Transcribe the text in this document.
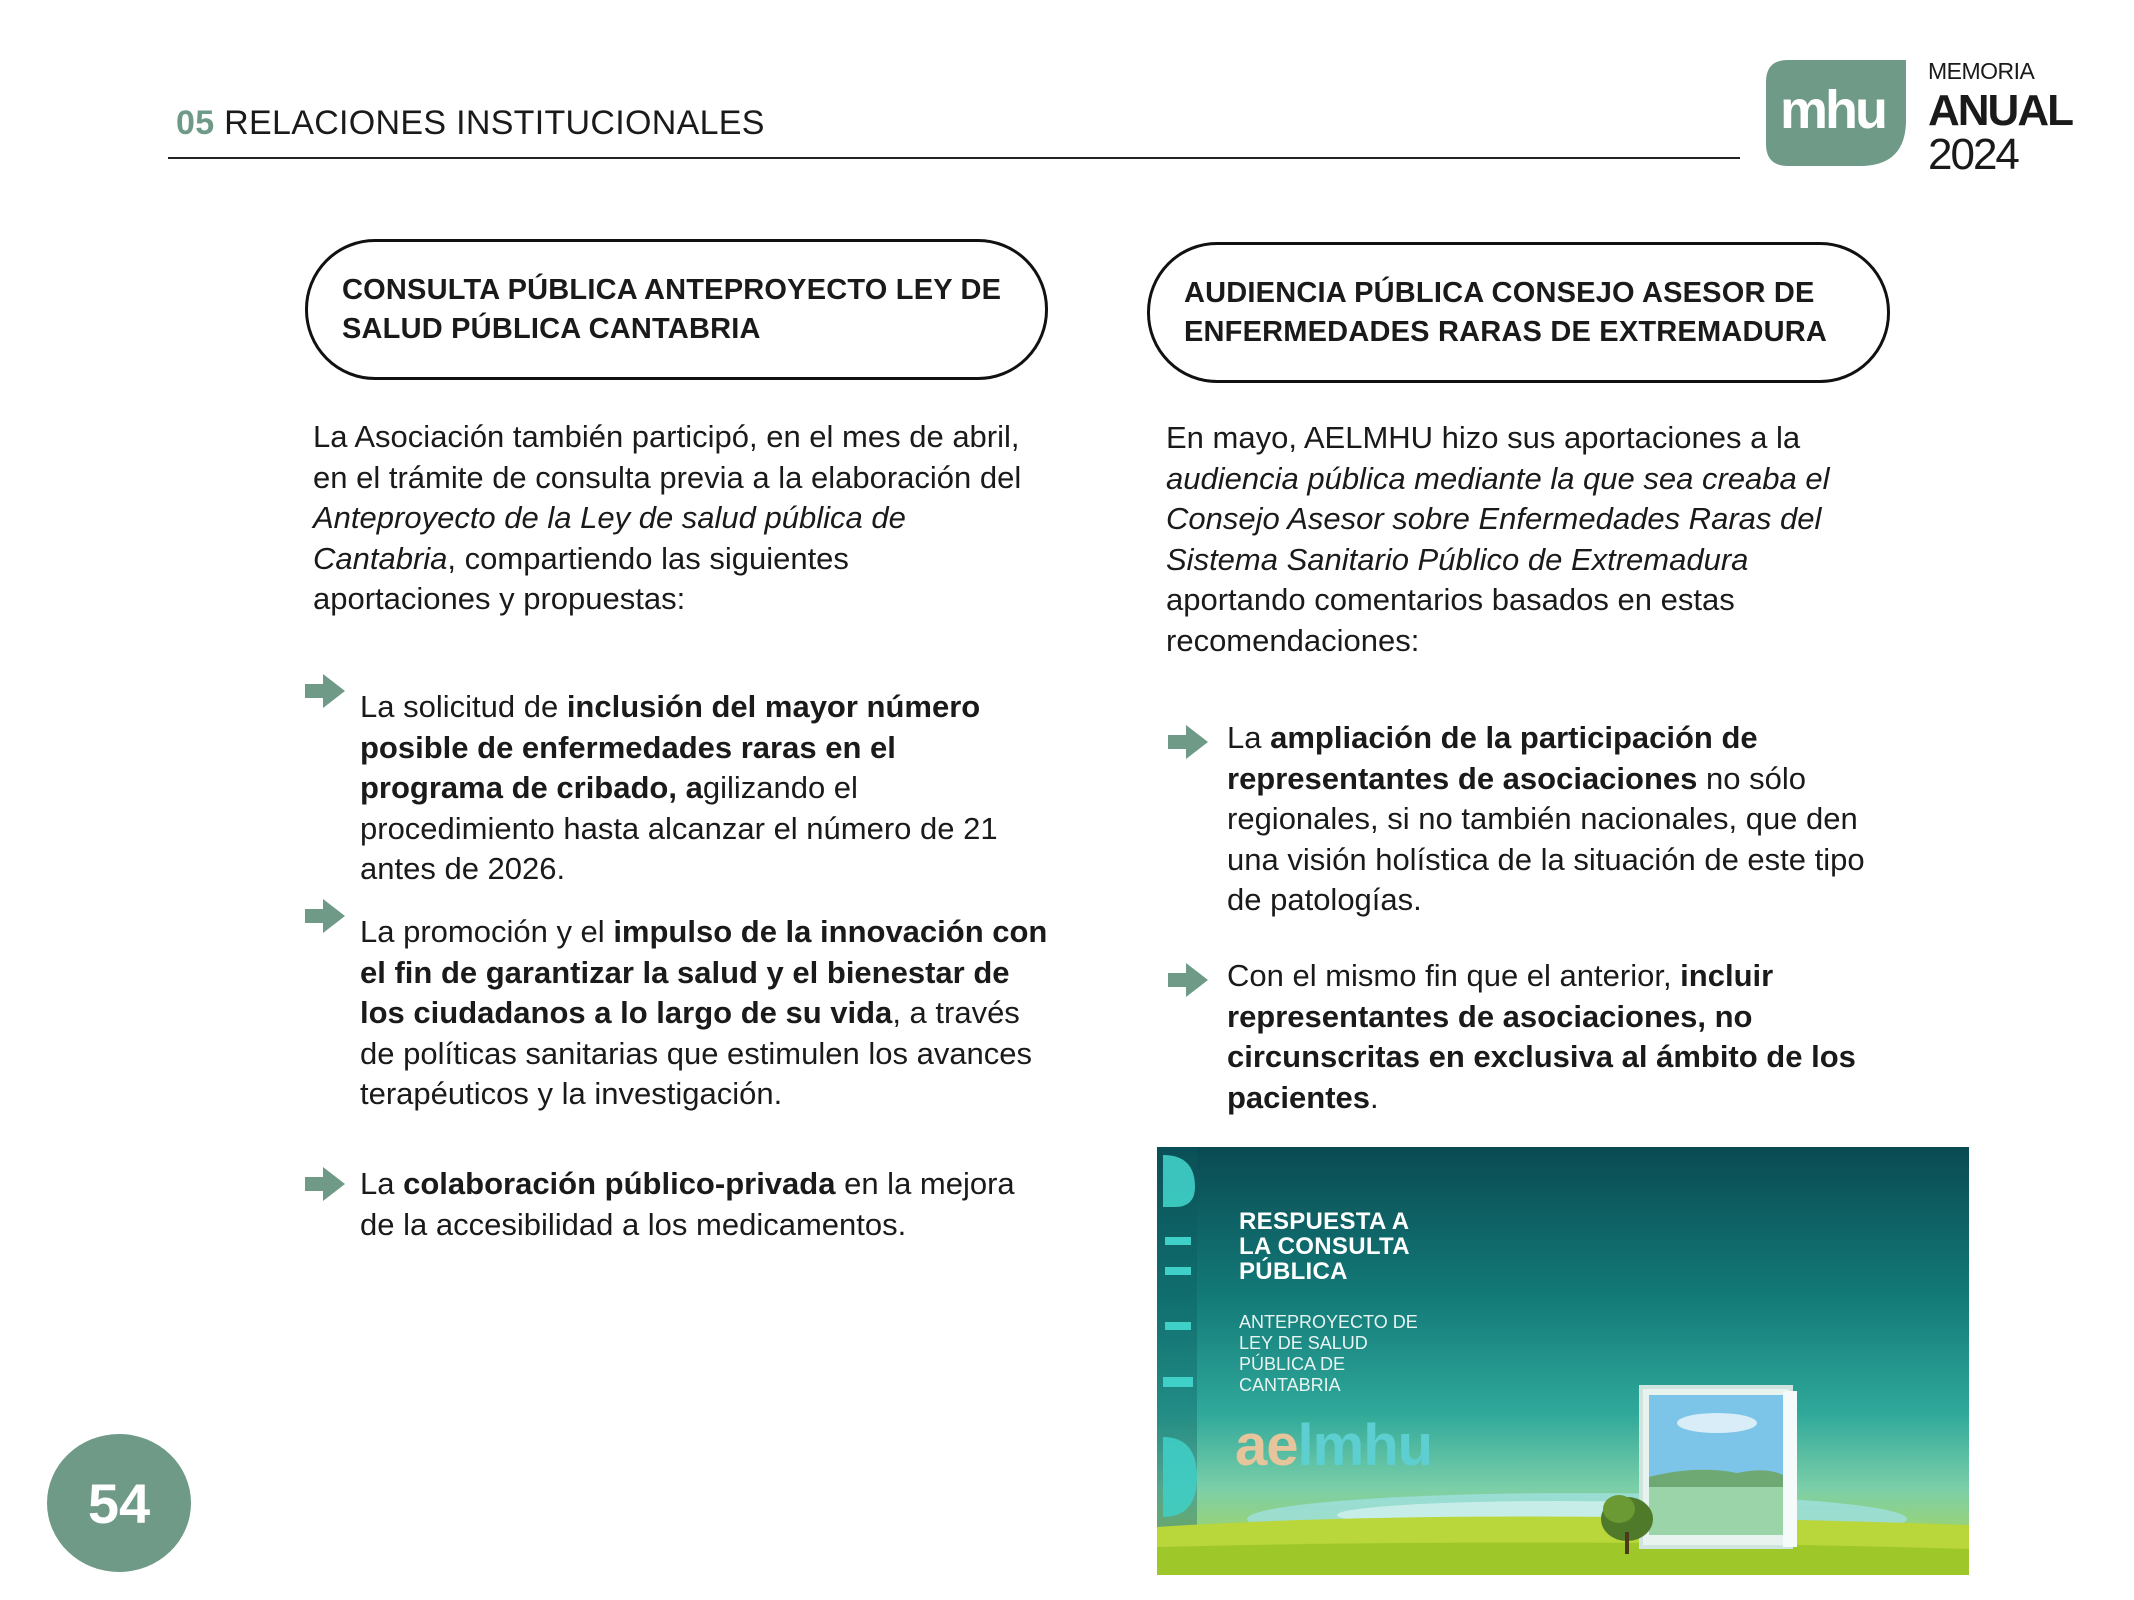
05 RELACIONES INSTITUCIONALES	mhu
MEMORIA
ANUAL
2024
CONSULTA PÚBLICA ANTEPROYECTO LEY DE SALUD PÚBLICA CANTABRIA
La Asociación también participó, en el mes de abril, en el trámite de consulta previa a la elaboración del Anteproyecto de la Ley de salud pública de Cantabria, compartiendo las siguientes aportaciones y propuestas:
La solicitud de inclusión del mayor número posible de enfermedades raras en el programa de cribado, agilizando el procedimiento hasta alcanzar el número de 21 antes de 2026.
La promoción y el impulso de la innovación con el fin de garantizar la salud y el bienestar de los ciudadanos a lo largo de su vida, a través de políticas sanitarias que estimulen los avances terapéuticos y la investigación.
La colaboración público-privada en la mejora de la accesibilidad a los medicamentos.
AUDIENCIA PÚBLICA CONSEJO ASESOR DE ENFERMEDADES RARAS DE EXTREMADURA
En mayo, AELMHU hizo sus aportaciones a la audiencia pública mediante la que sea creaba el Consejo Asesor sobre Enfermedades Raras del Sistema Sanitario Público de Extremadura aportando comentarios basados en estas recomendaciones:
La ampliación de la participación de representantes de asociaciones no sólo regionales, si no también nacionales, que den una visión holística de la situación de este tipo de patologías.
Con el mismo fin que el anterior, incluir representantes de asociaciones, no circunscritas en exclusiva al ámbito de los pacientes.
RESPUESTA A
LA CONSULTA
PÚBLICA
ANTEPROYECTO DE
LEY DE SALUD
PÚBLICA DE
CANTABRIA
aelmhu
54
